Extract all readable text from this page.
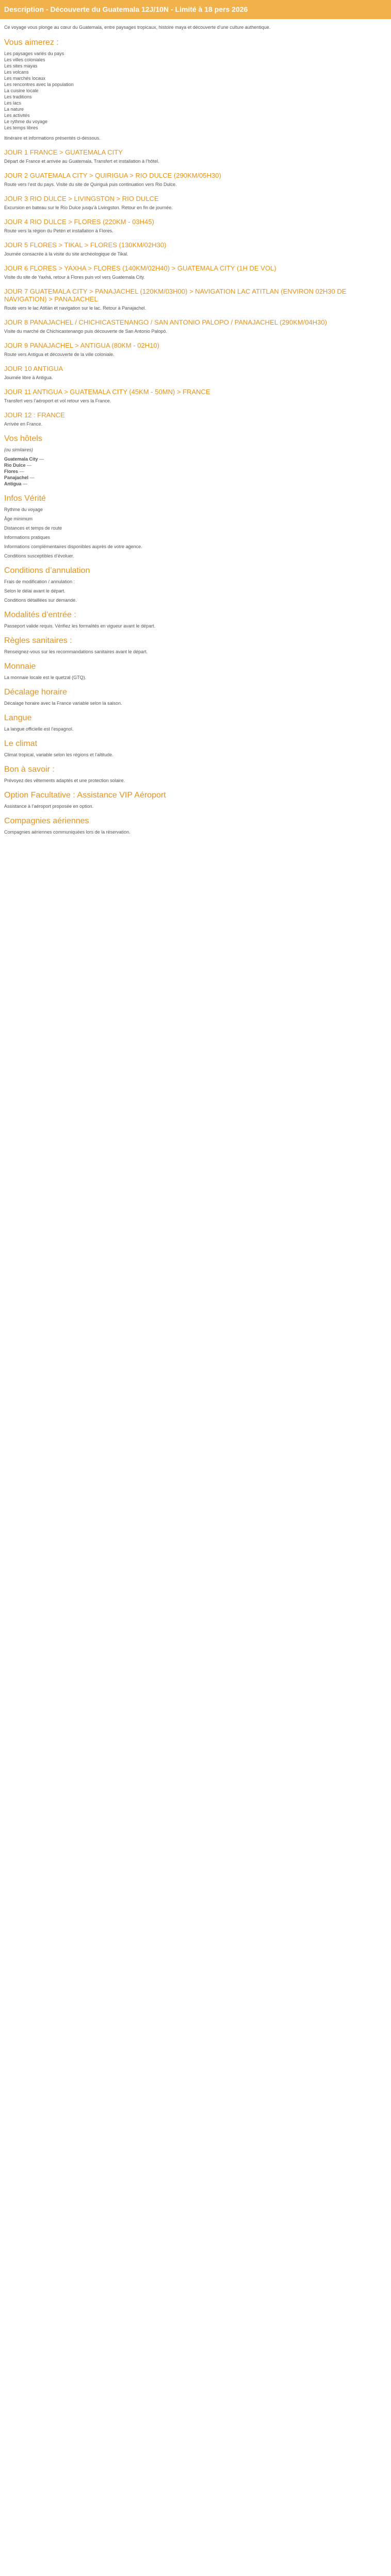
Description - Découverte du Guatemala 12J/10N - Limité à 18 pers 2026
Ce voyage vous plonge au cœur du Guatemala, entre paysages tropicaux, histoire maya et découverte d’une culture authentique.
Vous aimerez :
Les paysages variés du pays
Les villes coloniales
Les sites mayas
Les volcans
Les marchés locaux
Les rencontres avec la population
La cuisine locale
Les traditions
Les lacs
La nature
Les activités
Le rythme du voyage
Les temps libres
Itinéraire et informations présentés ci-dessous.
JOUR 1 FRANCE > GUATEMALA CITY
Départ de France et arrivée au Guatemala. Transfert et installation à l’hôtel.
JOUR 2 GUATEMALA CITY > QUIRIGUA > RIO DULCE (290KM/05H30)
Route vers l’est du pays. Visite du site de Quiriguá puis continuation vers Rio Dulce.
JOUR 3 RIO DULCE > LIVINGSTON > RIO DULCE
Excursion en bateau sur le Río Dulce jusqu’à Livingston. Retour en fin de journée.
JOUR 4 RIO DULCE > FLORES (220KM - 03H45)
Route vers la région du Petén et installation à Flores.
JOUR 5 FLORES > TIKAL > FLORES (130KM/02H30)
Journée consacrée à la visite du site archéologique de Tikal.
JOUR 6 FLORES > YAXHA > FLORES (140KM/02H40) > GUATEMALA CITY (1H DE VOL)
Visite du site de Yaxhá, retour à Flores puis vol vers Guatemala City.
JOUR 7 GUATEMALA CITY > PANAJACHEL (120KM/03H00) > NAVIGATION LAC ATITLAN (ENVIRON 02H30 DE NAVIGATION) > PANAJACHEL
Route vers le lac Atitlán et navigation sur le lac. Retour à Panajachel.
JOUR 8 PANAJACHEL / CHICHICASTENANGO / SAN ANTONIO PALOPO / PANAJACHEL (290KM/04H30)
Visite du marché de Chichicastenango puis découverte de San Antonio Palopó.
JOUR 9 PANAJACHEL > ANTIGUA (80KM - 02H10)
Route vers Antigua et découverte de la ville coloniale.
JOUR 10 ANTIGUA
Journée libre à Antigua.
JOUR 11 ANTIGUA > GUATEMALA CITY (45KM - 50MN) > FRANCE
Transfert vers l’aéroport et vol retour vers la France.
JOUR 12 : FRANCE
Arrivée en France.
Vos hôtels
(ou similaires)
Guatemala City —
Rio Dulce —
Flores —
Panajachel —
Antigua —
Infos Vérité
Rythme du voyage
Âge minimum
Distances et temps de route
Informations pratiques
Informations complémentaires disponibles auprès de votre agence.
Conditions susceptibles d’évoluer.
Conditions d’annulation
Frais de modification / annulation :
Selon le délai avant le départ.
Conditions détaillées sur demande.
Modalités d’entrée :
Passeport valide requis. Vérifiez les formalités en vigueur avant le départ.
Règles sanitaires :
Renseignez-vous sur les recommandations sanitaires avant le départ.
Monnaie
La monnaie locale est le quetzal (GTQ).
Décalage horaire
Décalage horaire avec la France variable selon la saison.
Langue
La langue officielle est l’espagnol.
Le climat
Climat tropical, variable selon les régions et l’altitude.
Bon à savoir :
Prévoyez des vêtements adaptés et une protection solaire.
Option Facultative : Assistance VIP Aéroport
Assistance à l’aéroport proposée en option.
Compagnies aériennes
Compagnies aériennes communiquées lors de la réservation.
